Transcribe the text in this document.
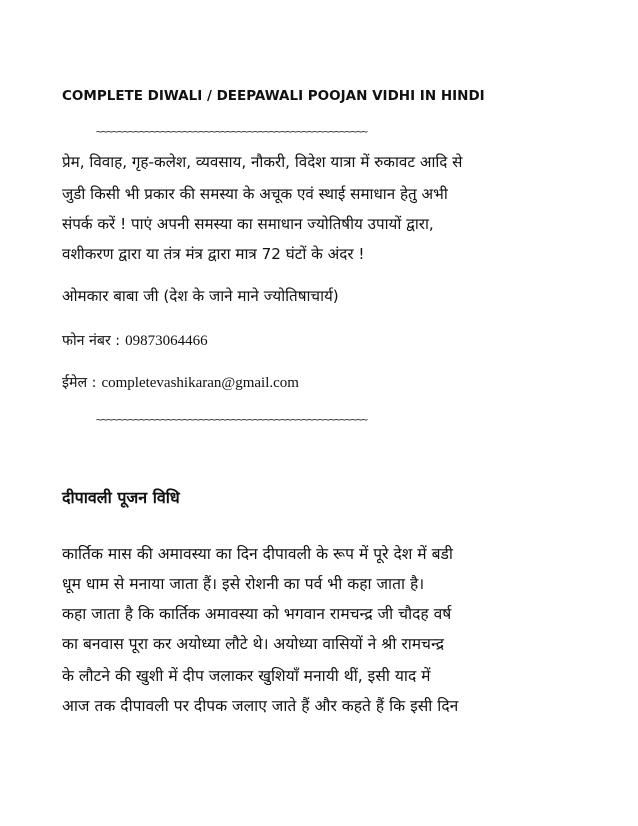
COMPLETE DIWALI / DEEPAWALI POOJAN VIDHI IN HINDI
~~~~~~~~~~~~~~~~~~~~~~~~~~~~~~~~~~~~~~~~~~~~~~~~~~
प्रेम, विवाह, गृह-कलेश, व्यवसाय, नौकरी, विदेश यात्रा में रुकावट आदि से
जुडी किसी भी प्रकार की समस्या के अचूक एवं स्थाई समाधान हेतु अभी
संपर्क करें ! पाएं अपनी समस्या का समाधान ज्योतिषीय उपायों द्वारा,
वशीकरण द्वारा या तंत्र मंत्र द्वारा मात्र 72 घंटों के अंदर !
ओमकार बाबा जी (देश के जाने माने ज्योतिषाचार्य)
फोन नंबर : 09873064466
ईमेल : completevashikaran@gmail.com
~~~~~~~~~~~~~~~~~~~~~~~~~~~~~~~~~~~~~~~~~~~~~~~~~~
दीपावली पूजन विधि
कार्तिक मास की अमावस्या का दिन दीपावली के रूप में पूरे देश में बडी
धूम धाम से मनाया जाता हैं। इसे रोशनी का पर्व भी कहा जाता है।
कहा जाता है कि कार्तिक अमावस्या को भगवान रामचन्द्र जी चौदह वर्ष
का बनवास पूरा कर अयोध्या लौटे थे। अयोध्या वासियों ने श्री रामचन्द्र
के लौटने की खुशी में दीप जलाकर खुशियाँ मनायी थीं, इसी याद में
आज तक दीपावली पर दीपक जलाए जाते हैं और कहते हैं कि इसी दिन
